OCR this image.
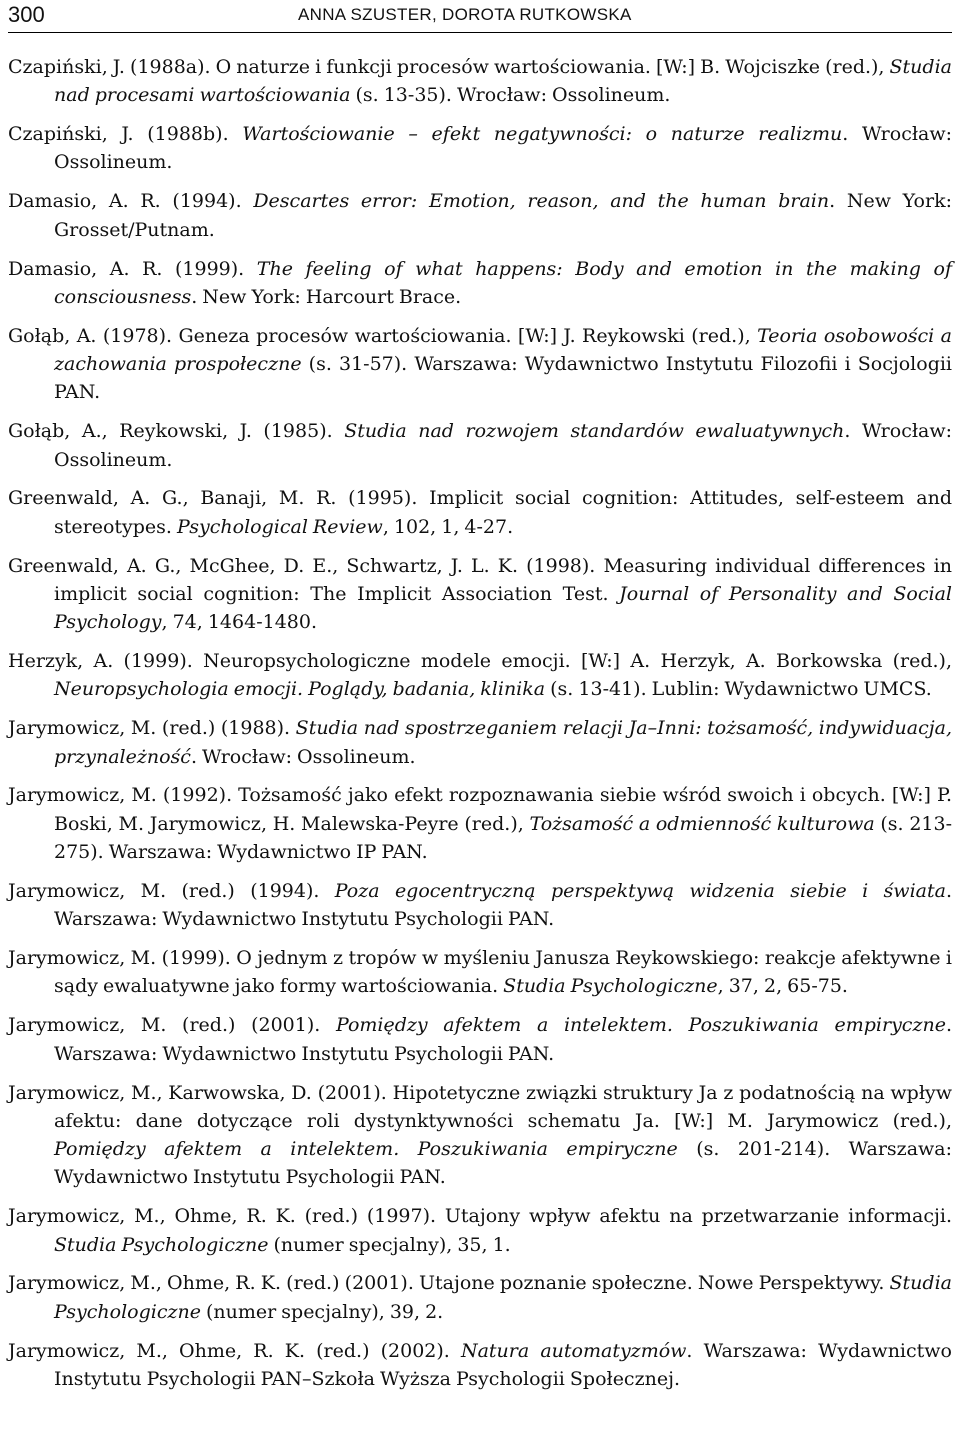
300	ANNA SZUSTER, DOROTA RUTKOWSKA

Czapiński, J. (1988a). O naturze i funkcji procesów wartościowania. [W:] B. Wojciszke (red.), Studia nad procesami wartościowania (s. 13-35). Wrocław: Ossolineum.

Czapiński, J. (1988b). Wartościowanie – efekt negatywności: o naturze realizmu. Wrocław: Ossolineum.

Damasio, A. R. (1994). Descartes error: Emotion, reason, and the human brain. New York: Grosset/Putnam.

Damasio, A. R. (1999). The feeling of what happens: Body and emotion in the making of consciousness. New York: Harcourt Brace.

Gołąb, A. (1978). Geneza procesów wartościowania. [W:] J. Reykowski (red.), Teoria osobowości a zachowania prospołeczne (s. 31-57). Warszawa: Wydawnictwo Instytutu Filozofii i Socjologii PAN.

Gołąb, A., Reykowski, J. (1985). Studia nad rozwojem standardów ewaluatywnych. Wrocław: Ossolineum.

Greenwald, A. G., Banaji, M. R. (1995). Implicit social cognition: Attitudes, self-esteem and stereotypes. Psychological Review, 102, 1, 4-27.

Greenwald, A. G., McGhee, D. E., Schwartz, J. L. K. (1998). Measuring individual differences in implicit social cognition: The Implicit Association Test. Journal of Personality and Social Psychology, 74, 1464-1480.

Herzyk, A. (1999). Neuropsychologiczne modele emocji. [W:] A. Herzyk, A. Borkowska (red.), Neuropsychologia emocji. Poglądy, badania, klinika (s. 13-41). Lublin: Wydawnictwo UMCS.

Jarymowicz, M. (red.) (1988). Studia nad spostrzeganiem relacji Ja–Inni: tożsamość, indywiduacja, przynależność. Wrocław: Ossolineum.

Jarymowicz, M. (1992). Tożsamość jako efekt rozpoznawania siebie wśród swoich i obcych. [W:] P. Boski, M. Jarymowicz, H. Malewska-Peyre (red.), Tożsamość a odmienność kulturowa (s. 213-275). Warszawa: Wydawnictwo IP PAN.

Jarymowicz, M. (red.) (1994). Poza egocentryczną perspektywą widzenia siebie i świata. Warszawa: Wydawnictwo Instytutu Psychologii PAN.

Jarymowicz, M. (1999). O jednym z tropów w myśleniu Janusza Reykowskiego: reakcje afektywne i sądy ewaluatywne jako formy wartościowania. Studia Psychologiczne, 37, 2, 65-75.

Jarymowicz, M. (red.) (2001). Pomiędzy afektem a intelektem. Poszukiwania empiryczne. Warszawa: Wydawnictwo Instytutu Psychologii PAN.

Jarymowicz, M., Karwowska, D. (2001). Hipotetyczne związki struktury Ja z podatnością na wpływ afektu: dane dotyczące roli dystynktywności schematu Ja. [W:] M. Jarymowicz (red.), Pomiędzy afektem a intelektem. Poszukiwania empiryczne (s. 201-214). Warszawa: Wydawnictwo Instytutu Psychologii PAN.

Jarymowicz, M., Ohme, R. K. (red.) (1997). Utajony wpływ afektu na przetwarzanie informacji. Studia Psychologiczne (numer specjalny), 35, 1.

Jarymowicz, M., Ohme, R. K. (red.) (2001). Utajone poznanie społeczne. Nowe Perspektywy. Studia Psychologiczne (numer specjalny), 39, 2.

Jarymowicz, M., Ohme, R. K. (red.) (2002). Natura automatyzmów. Warszawa: Wydawnictwo Instytutu Psychologii PAN–Szkoła Wyższa Psychologii Społecznej.
